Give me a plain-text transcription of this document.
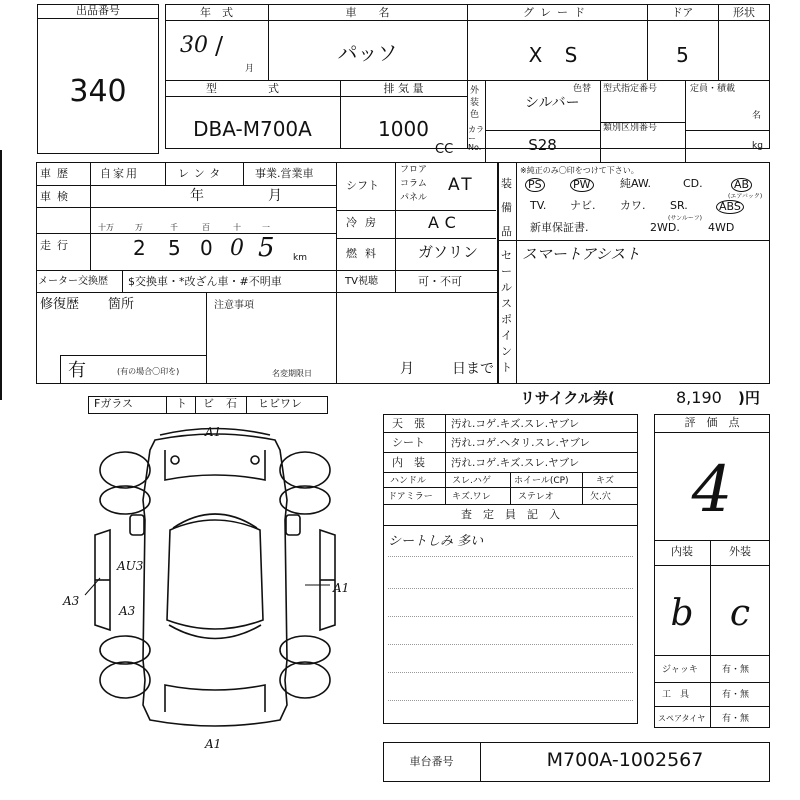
出品番号
340
年　式
30 /
月
車　　名
パッソ
グレード
X S
ドア
5
形状
型　式
DBA-M700A
排 気 量
1000
CC
外装色
カラーNo.
色替
シルバー
S28
型式指定番号
類別区別番号
定員・積載
名
kg
車歴 自家用	レンタ	事業.営業車
車検	年	月
走行
十万	万	千	百	十	一
2 5 0 0 5 km
メーター交換歴 $交換車・*改ざん車・#不明車
修復歴 箇所	注意事項
有	(有の場合〇印を)	名変期限日	月	日まで
シフト
フロア
コラム
パネル
AT
冷房	AC
燃料 ガソリン
TV視聴	可・不可
装備品
セールスポイント
※純正のみ〇印をつけて下さい。
PS	PW	純AW.	CD.	AB
(エアバック)
TV. ナビ. カワ. SR.	ABS
(サンルーフ)
新車保証書.	2WD.	4WD
スマートアシスト
Fガラス	ト ビ 石 ヒビワレ	リサイクル券(	8,190 )円
天　張 汚れ.コゲ.キズ.スレ.ヤブレ
シート 汚れ.コゲ.ヘタリ.スレ.ヤブレ
内　装 汚れ.コゲ.キズ.スレ.ヤブレ
ハンドル	スレ.ハゲ	ホイール(CP)	キズ
ドアミラー キズ.ワレ	ステレオ	欠.穴
査　定　員　記　入
シートしみ 多い
評　価　点
4
内装	外装
b	c
ジャッキ	有・無
工　具	有・無
スペアタイヤ 有・無
車台番号	M700A-1002567
A1
A1
A3
A3
AU3
A1
